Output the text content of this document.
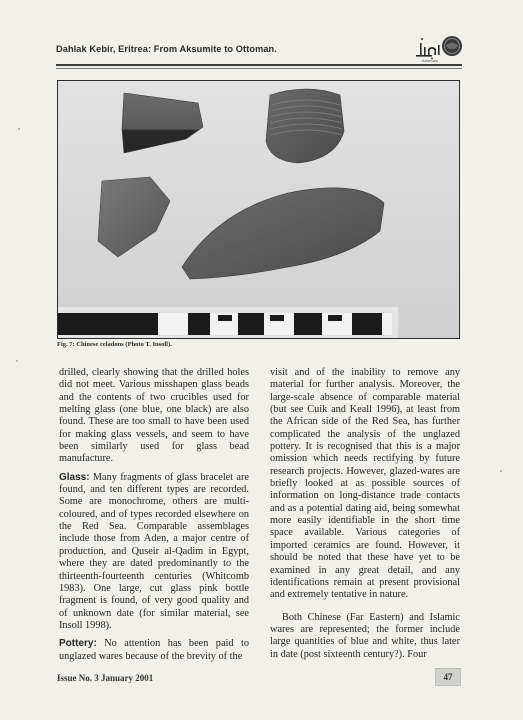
Dahlak Kebir, Eritrea: From Aksumite to Ottoman.
Adumatu
Fig. 7: Chinese celadons (Photo T. Insoll).

drilled, clearly showing that the drilled holes did not meet. Various misshapen glass beads and the contents of two crucibles used for melting glass (one blue, one black) are also found. These are too small to have been used for making glass vessels, and seem to have been similarly used for glass bead manufacture.

Glass: Many fragments of glass bracelet are found, and ten different types are recorded. Some are monochrome, others are multi-coloured, and of types recorded elsewhere on the Red Sea. Comparable assemblages include those from Aden, a major centre of production, and Quseir al-Qadim in Egypt, where they are dated predominantly to the thirteenth-fourteenth centuries (Whitcomb 1983). One large, cut glass pink bottle fragment is found, of very good quality and of unknown date (for similar material, see Insoll 1998).

Pottery: No attention has been paid to unglazed wares because of the brevity of the

visit and of the inability to remove any material for further analysis. Moreover, the large-scale absence of comparable material (but see Cuik and Keall 1996), at least from the African side of the Red Sea, has further complicated the analysis of the unglazed pottery. It is recognised that this is a major omission which needs rectifying by future research projects. However, glazed-wares are briefly looked at as possible sources of information on long-distance trade contacts and as a potential dating aid, being somewhat more easily identifiable in the short time space available. Various categories of imported ceramics are found. However, it should be noted that these have yet to be examined in any great detail, and any identifications remain at present provisional and extremely tentative in nature.

Both Chinese (Far Eastern) and Islamic wares are represented; the former include large quantities of blue and white, thus later in date (post sixteenth century?). Four

Issue No. 3 January 2001	47
